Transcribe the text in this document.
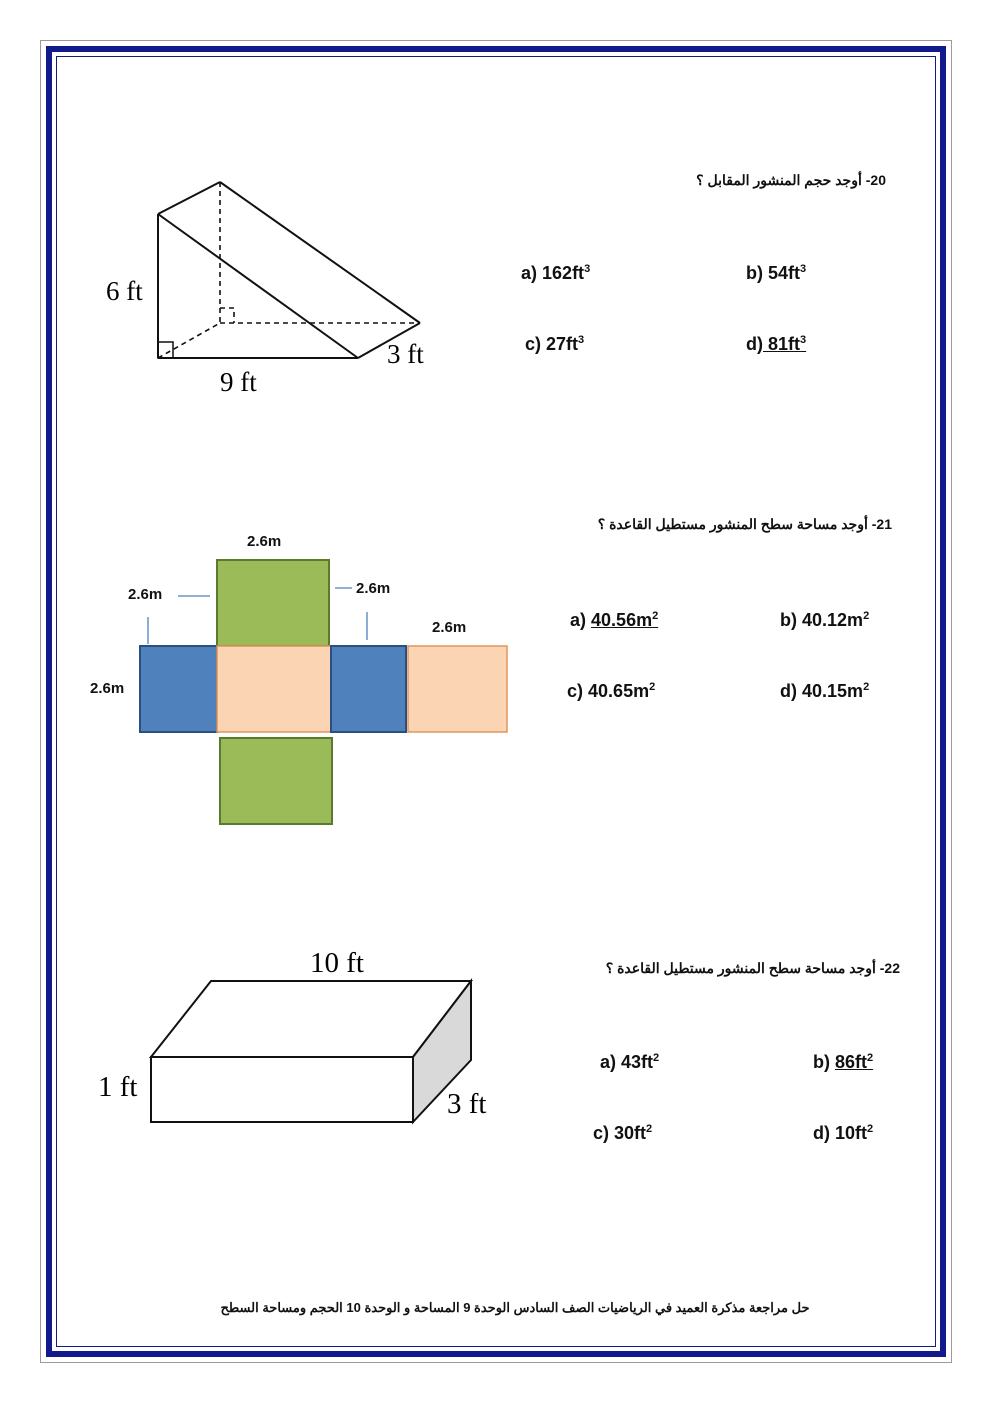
20- أوجد حجم المنشور المقابل ؟
6 ft
9 ft
3 ft
a) $162ft^3$	b) $54ft^3$
c) $27ft^3$	d) $81ft^3$
21- أوجد مساحة سطح المنشور مستطيل القاعدة ؟
2.6m
2.6m	2.6m
2.6m
2.6m
a) $40.56m^2$	b) $40.12m^2$
c) $40.65m^2$	d) $40.15m^2$
22- أوجد مساحة سطح المنشور مستطيل القاعدة ؟
10 ft
1 ft
3 ft
a) $43ft^2$	b) $86ft^2$
c) $30ft^2$	d) $10ft^2$
حل مراجعة مذكرة العميد في الرياضيات الصف السادس الوحدة 9 المساحة و الوحدة 10 الحجم ومساحة السطح
